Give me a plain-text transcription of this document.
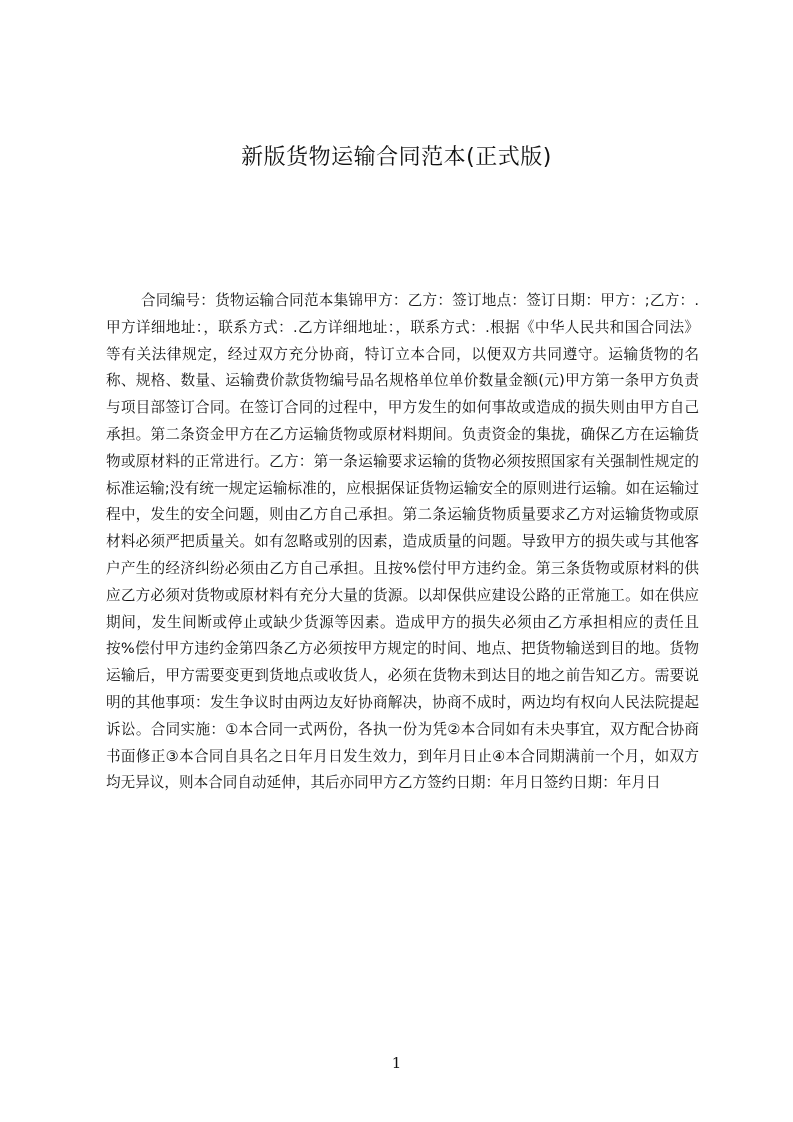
新版货物运输合同范本(正式版)

合同编号：货物运输合同范本集锦甲方：乙方：签订地点：签订日期：甲方：;乙方：.甲方详细地址：，联系方式：.乙方详细地址：，联系方式：.根据《中华人民共和国合同法》等有关法律规定，经过双方充分协商，特订立本合同，以便双方共同遵守。运输货物的名称、规格、数量、运输费价款货物编号品名规格单位单价数量金额(元)甲方第一条甲方负责与项目部签订合同。在签订合同的过程中，甲方发生的如何事故或造成的损失则由甲方自己承担。第二条资金甲方在乙方运输货物或原材料期间。负责资金的集拢，确保乙方在运输货物或原材料的正常进行。乙方：第一条运输要求运输的货物必须按照国家有关强制性规定的标准运输;没有统一规定运输标准的，应根据保证货物运输安全的原则进行运输。如在运输过程中，发生的安全问题，则由乙方自己承担。第二条运输货物质量要求乙方对运输货物或原材料必须严把质量关。如有忽略或别的因素，造成质量的问题。导致甲方的损失或与其他客户产生的经济纠纷必须由乙方自己承担。且按%偿付甲方违约金。第三条货物或原材料的供应乙方必须对货物或原材料有充分大量的货源。以却保供应建设公路的正常施工。如在供应期间，发生间断或停止或缺少货源等因素。造成甲方的损失必须由乙方承担相应的责任且按%偿付甲方违约金第四条乙方必须按甲方规定的时间、地点、把货物输送到目的地。货物运输后，甲方需要变更到货地点或收货人，必须在货物未到达目的地之前告知乙方。需要说明的其他事项：发生争议时由两边友好协商解决，协商不成时，两边均有权向人民法院提起诉讼。合同实施：①本合同一式两份，各执一份为凭②本合同如有未央事宜，双方配合协商书面修正③本合同自具名之日年月日发生效力，到年月日止④本合同期满前一个月，如双方均无异议，则本合同自动延伸，其后亦同甲方乙方签约日期：年月日签约日期：年月日

1
